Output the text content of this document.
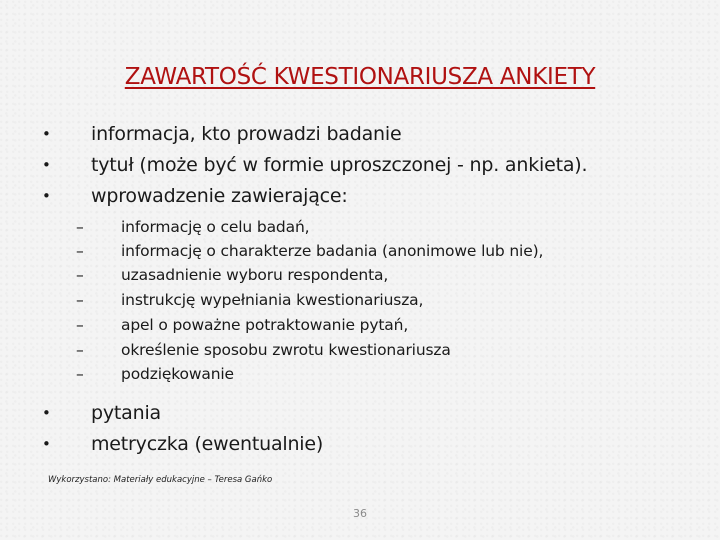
ZAWARTOŚĆ KWESTIONARIUSZA ANKIETY
• informacja, kto prowadzi badanie
• tytuł (może być w formie uproszczonej - np. ankieta).
• wprowadzenie zawierające:
– informację o celu badań,
– informację o charakterze badania (anonimowe lub nie),
– uzasadnienie wyboru respondenta,
– instrukcję wypełniania kwestionariusza,
– apel o poważne potraktowanie pytań,
– określenie sposobu zwrotu kwestionariusza
– podziękowanie
• pytania
• metryczka (ewentualnie)
Wykorzystano: Materiały edukacyjne – Teresa Gańko
36
